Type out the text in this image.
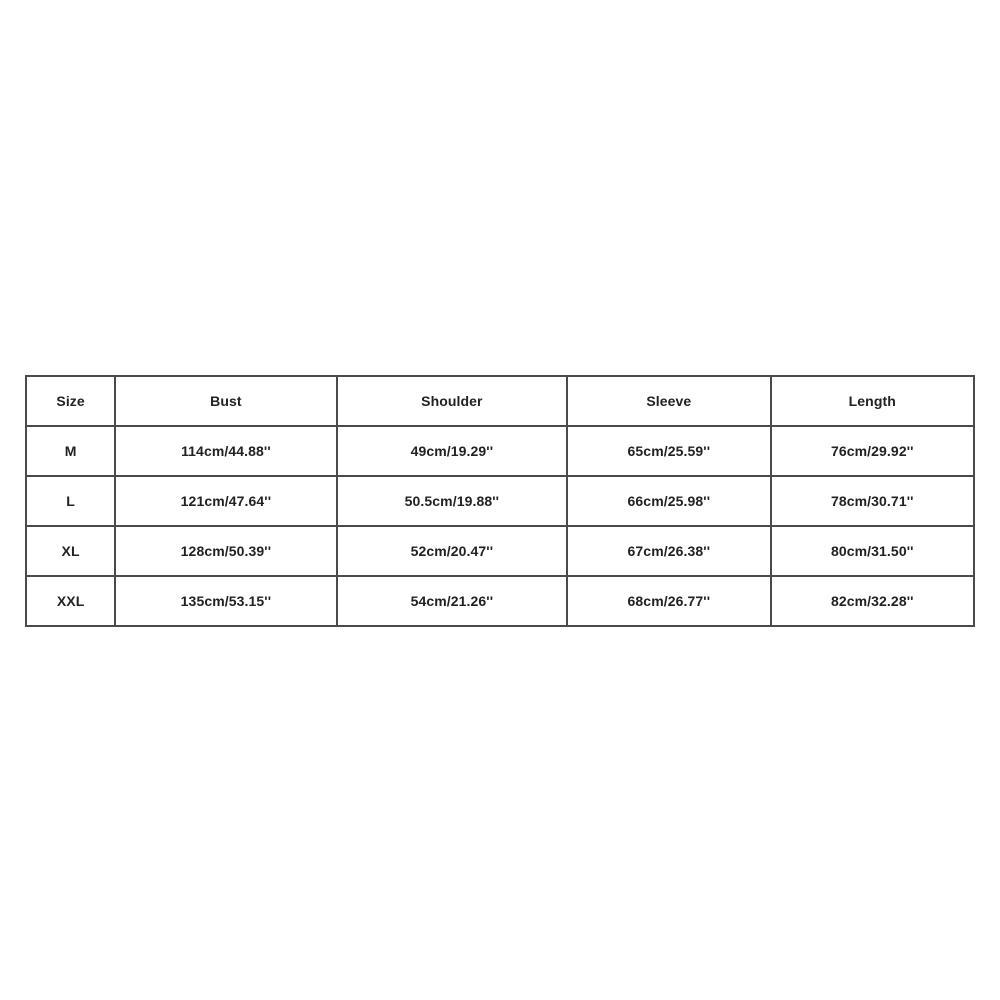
Size	Bust	Shoulder	Sleeve	Length
M	114cm/44.88''	49cm/19.29''	65cm/25.59''	76cm/29.92''
L	121cm/47.64''	50.5cm/19.88''	66cm/25.98''	78cm/30.71''
XL	128cm/50.39''	52cm/20.47''	67cm/26.38''	80cm/31.50''
XXL	135cm/53.15''	54cm/21.26''	68cm/26.77''	82cm/32.28''
